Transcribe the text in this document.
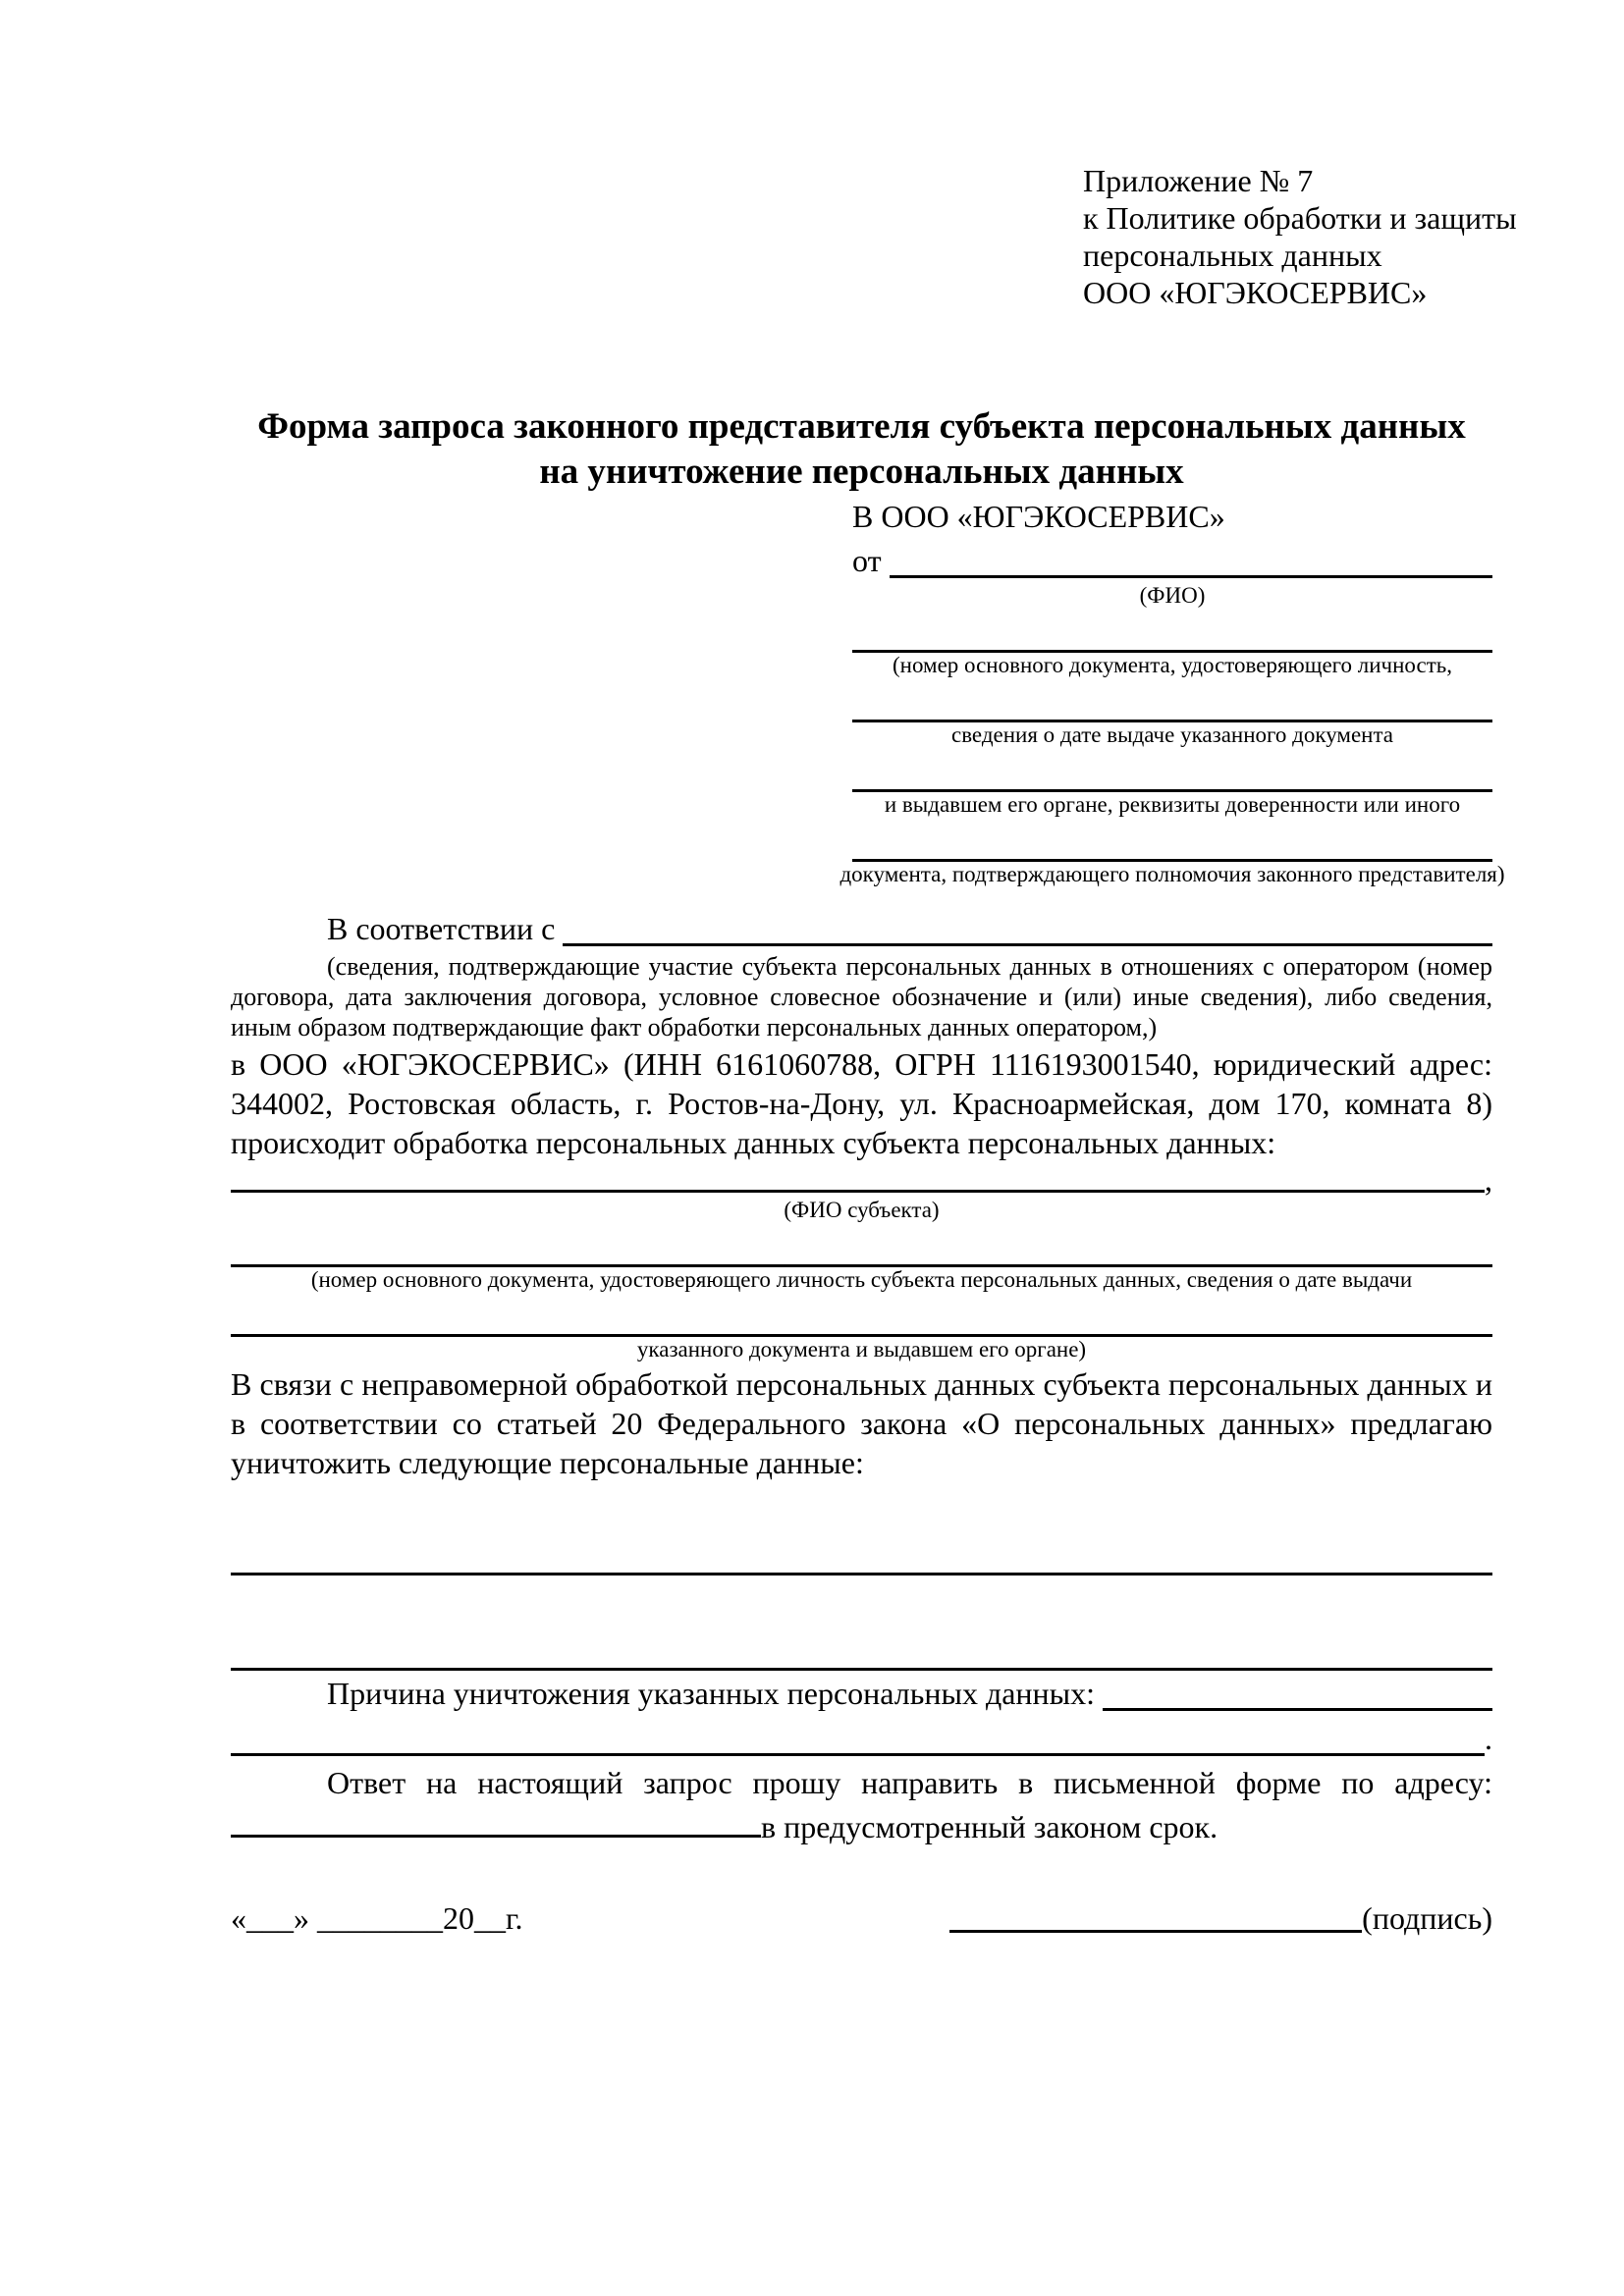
Приложение № 7
к Политике обработки и защиты
персональных данных
ООО «ЮГЭКОСЕРВИС»
Форма запроса законного представителя субъекта персональных данных
на уничтожение персональных данных
В ООО «ЮГЭКОСЕРВИС»
от
(ФИО)
(номер основного документа, удостоверяющего личность,
сведения о дате выдаче указанного документа
и выдавшем его органе, реквизиты доверенности или иного
документа, подтверждающего полномочия законного представителя)
В соответствии с

(сведения, подтверждающие участие субъекта персональных данных в отношениях с оператором (номер договора, дата заключения договора, условное словесное обозначение и (или) иные сведения), либо сведения, иным образом подтверждающие факт обработки персональных данных оператором,)

в ООО «ЮГЭКОСЕРВИС» (ИНН 6161060788, ОГРН 1116193001540, юридический адрес: 344002, Ростовская область, г. Ростов-на-Дону, ул. Красноармейская, дом 170, комната 8) происходит обработка персональных данных субъекта персональных данных:

,
(ФИО субъекта)
(номер основного документа, удостоверяющего личность субъекта персональных данных, сведения о дате выдачи
указанного документа и выдавшем его органе)

В связи с неправомерной обработкой персональных данных субъекта персональных данных и в соответствии со статьей 20 Федерального закона «О персональных данных» предлагаю уничтожить следующие персональные данные:

Причина уничтожения указанных персональных данных:
.

Ответ на настоящий запрос прошу направить в письменной форме по адресу: в предусмотренный законом срок.

«___» ________20__г.	(подпись)
